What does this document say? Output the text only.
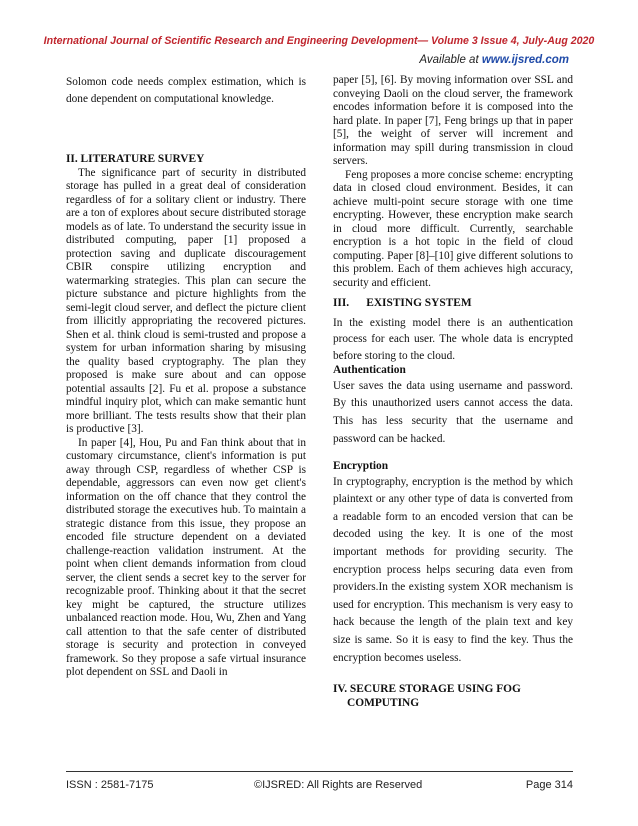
International Journal of Scientific Research and Engineering Development— Volume 3 Issue 4, July-Aug 2020
Available at www.ijsred.com

Solomon code needs complex estimation, which is done dependent on computational knowledge.

II. LITERATURE SURVEY

The significance part of security in distributed storage has pulled in a great deal of consideration regardless of for a solitary client or industry. There are a ton of explores about secure distributed storage models as of late. To understand the security issue in distributed computing, paper [1] proposed a protection saving and duplicate discouragement CBIR conspire utilizing encryption and watermarking strategies. This plan can secure the picture substance and picture highlights from the semi-legit cloud server, and deflect the picture client from illicitly appropriating the recovered pictures. Shen et al. think cloud is semi-trusted and propose a system for urban information sharing by misusing the quality based cryptography. The plan they proposed is make sure about and can oppose potential assaults [2]. Fu et al. propose a substance mindful inquiry plot, which can make semantic hunt more brilliant. The tests results show that their plan is productive [3].

In paper [4], Hou, Pu and Fan think about that in customary circumstance, client's information is put away through CSP, regardless of whether CSP is dependable, aggressors can even now get client's information on the off chance that they control the distributed storage the executives hub. To maintain a strategic distance from this issue, they propose an encoded file structure dependent on a deviated challenge-reaction validation instrument. At the point when client demands information from cloud server, the client sends a secret key to the server for recognizable proof. Thinking about it that the secret key might be captured, the structure utilizes unbalanced reaction mode. Hou, Wu, Zhen and Yang call attention to that the safe center of distributed storage is security and protection in conveyed framework. So they propose a safe virtual insurance plot dependent on SSL and Daoli in

paper [5], [6]. By moving information over SSL and conveying Daoli on the cloud server, the framework encodes information before it is composed into the hard plate. In paper [7], Feng brings up that in paper [5], the weight of server will increment and information may spill during transmission in cloud servers.

Feng proposes a more concise scheme: encrypting data in closed cloud environment. Besides, it can achieve multi-point secure storage with one time encrypting. However, these encryption make search in cloud more difficult. Currently, searchable encryption is a hot topic in the field of cloud computing. Paper [8]–[10] give different solutions to this problem. Each of them achieves high accuracy, security and efficient.

III.      EXISTING SYSTEM

In the existing model there is an authentication process for each user. The whole data is encrypted before storing to the cloud.

Authentication

User saves the data using username and password. By this unauthorized users cannot access the data. This has less security that the username and password can be hacked.

Encryption

In cryptography, encryption is the method by which plaintext or any other type of data is converted from a readable form to an encoded version that can be decoded using the key. It is one of the most important methods for providing security. The encryption process helps securing data even from providers.In the existing system XOR mechanism is used for encryption. This mechanism is very easy to hack because the length of the plain text and key size is same. So it is easy to find the key. Thus the encryption becomes useless.

IV. SECURE STORAGE USING FOG
COMPUTING

ISSN : 2581-7175	©IJSRED: All Rights are Reserved	Page 314
